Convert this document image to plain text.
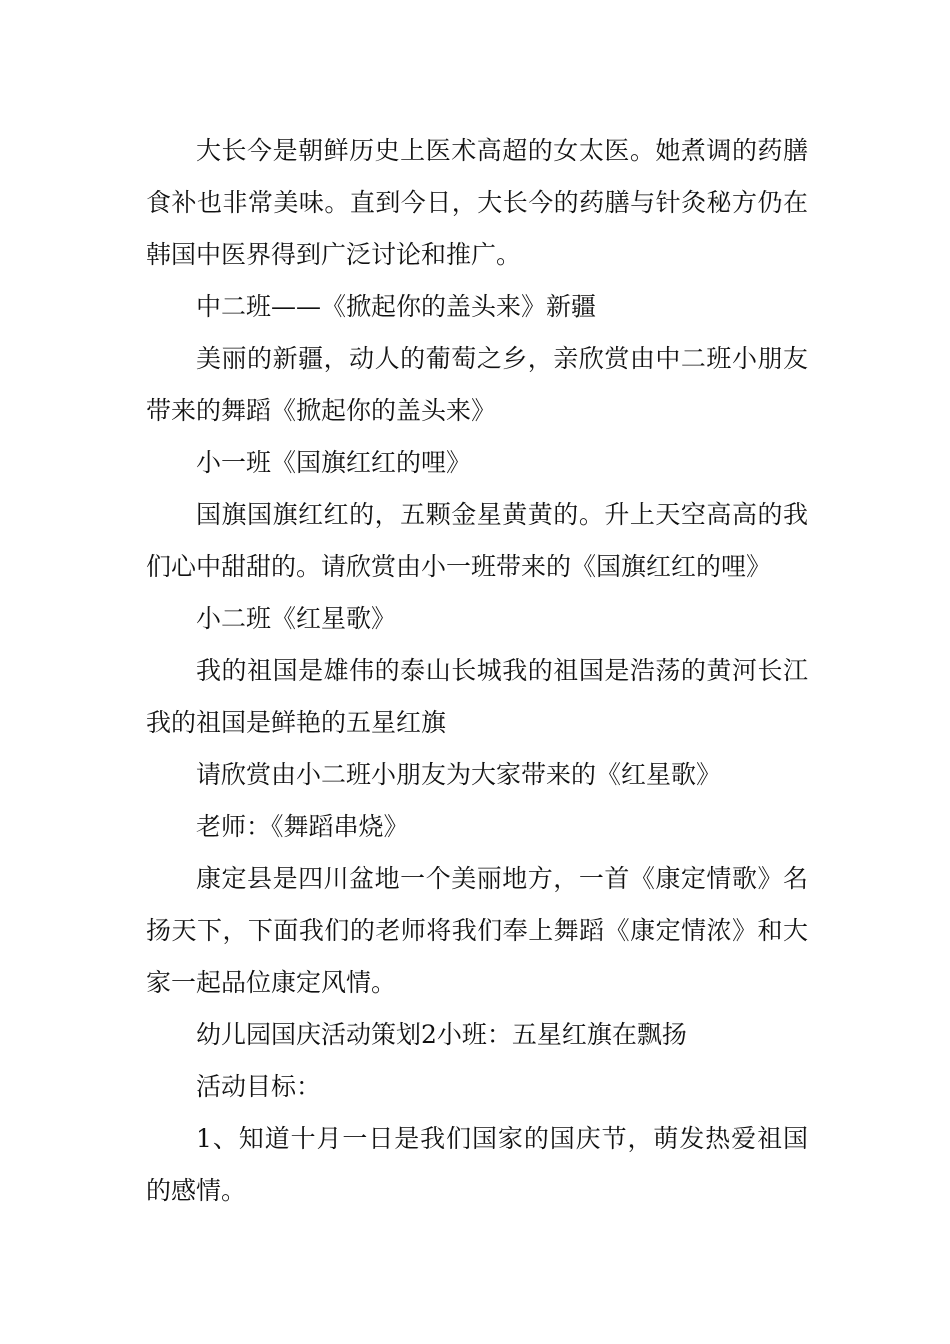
大长今是朝鲜历史上医术高超的女太医。她煮调的药膳食补也非常美味。直到今日，大长今的药膳与针灸秘方仍在韩国中医界得到广泛讨论和推广。

中二班——《掀起你的盖头来》新疆

美丽的新疆，动人的葡萄之乡，亲欣赏由中二班小朋友带来的舞蹈《掀起你的盖头来》

小一班《国旗红红的哩》

国旗国旗红红的，五颗金星黄黄的。升上天空高高的我们心中甜甜的。请欣赏由小一班带来的《国旗红红的哩》

小二班《红星歌》

我的祖国是雄伟的泰山长城我的祖国是浩荡的黄河长江我的祖国是鲜艳的五星红旗

请欣赏由小二班小朋友为大家带来的《红星歌》

老师：《舞蹈串烧》

康定县是四川盆地一个美丽地方，一首《康定情歌》名扬天下，下面我们的老师将我们奉上舞蹈《康定情浓》和大家一起品位康定风情。

幼儿园国庆活动策划2小班：五星红旗在飘扬

活动目标：

1、知道十月一日是我们国家的国庆节，萌发热爱祖国的感情。
